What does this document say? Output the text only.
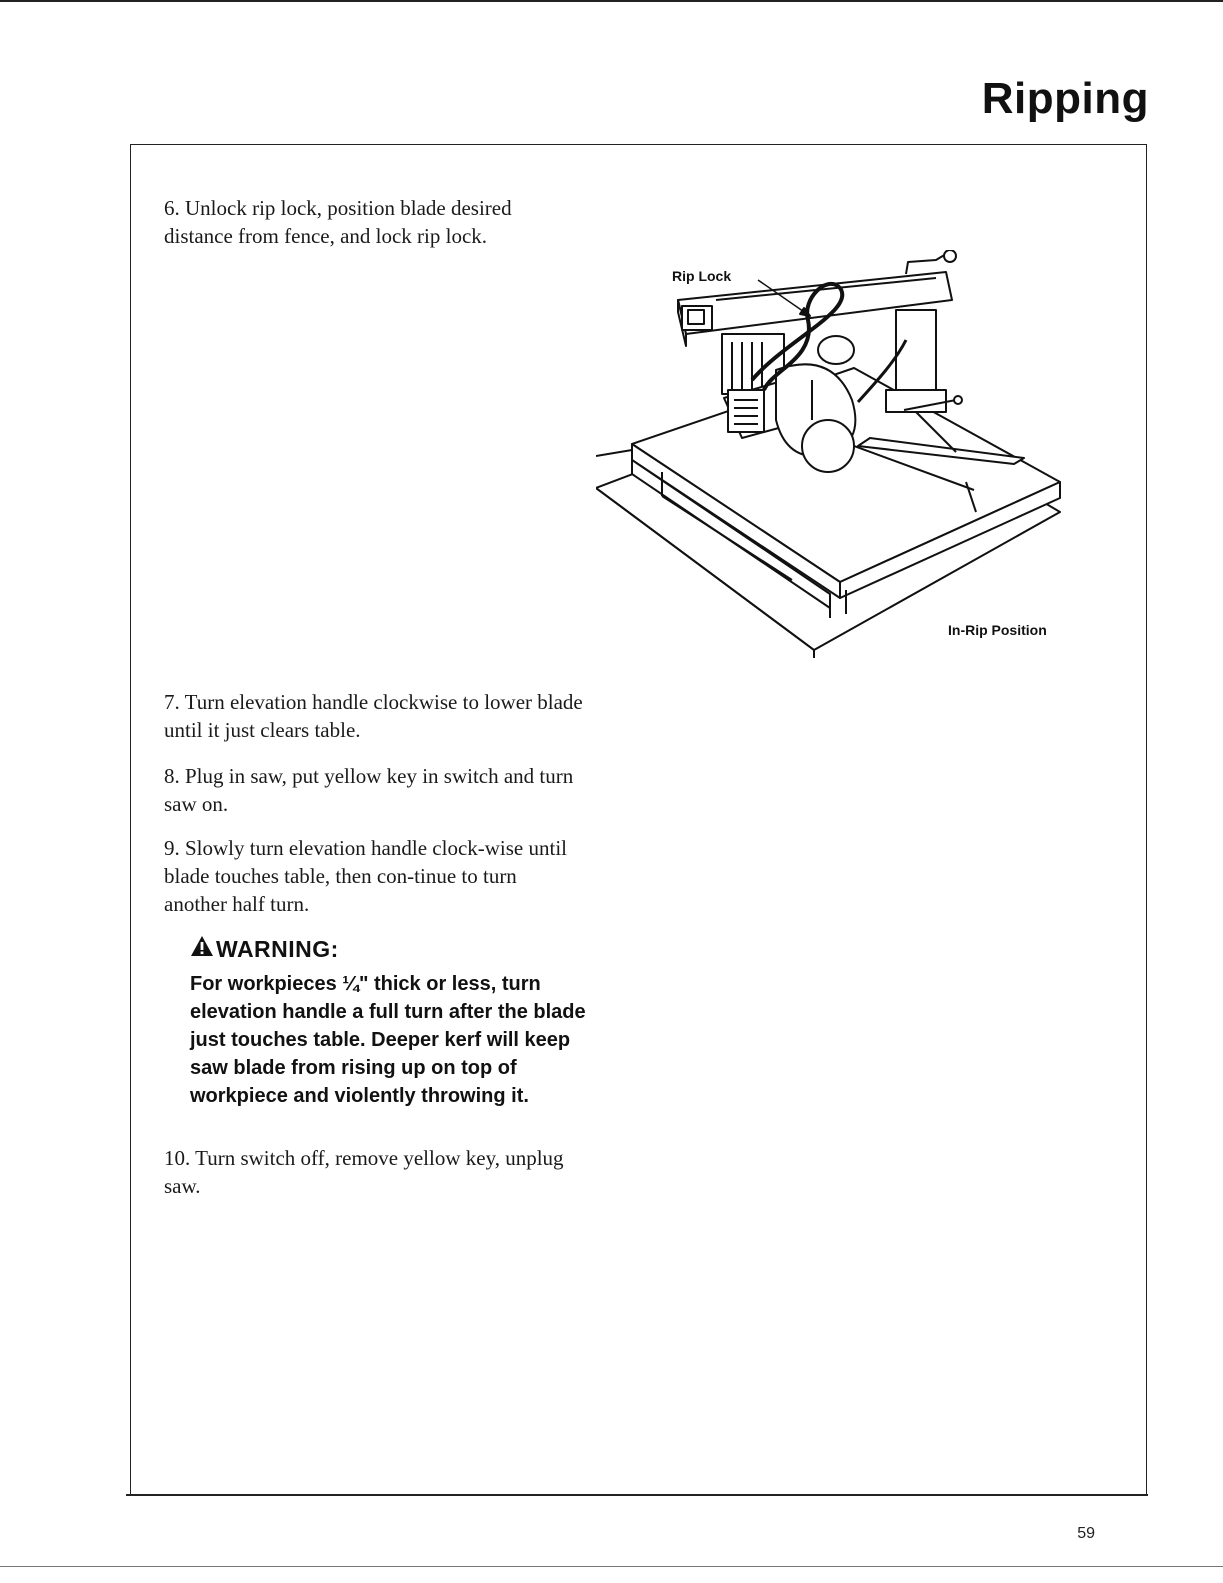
Ripping

6. Unlock rip lock, position blade desired distance from fence, and lock rip lock.

Rip Lock
In-Rip Position

7. Turn elevation handle clockwise to lower blade until it just clears table.

8. Plug in saw, put yellow key in switch and turn saw on.

9. Slowly turn elevation handle clock-wise until blade touches table, then con-tinue to turn another half turn.

WARNING:

For workpieces ¼" thick or less, turn elevation handle a full turn after the blade just touches table. Deeper kerf will keep saw blade from rising up on top of workpiece and violently throwing it.

10. Turn switch off, remove yellow key, unplug saw.

59
